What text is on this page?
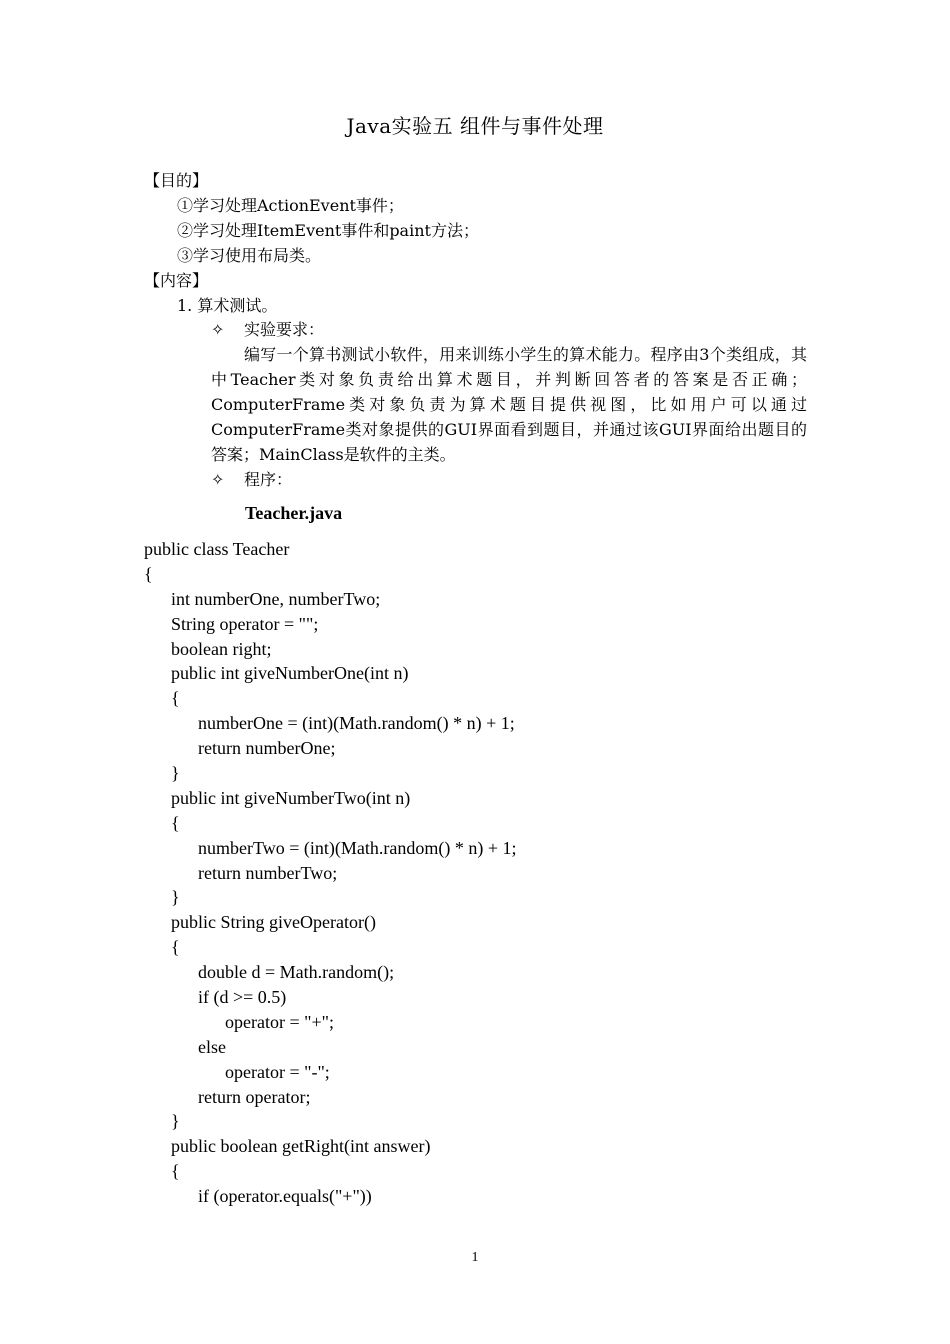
Java实验五 组件与事件处理
【目的】
①学习处理ActionEvent事件；
②学习处理ItemEvent事件和paint方法；
③学习使用布局类。
【内容】
1. 算术测试。
✧ 实验要求：
编写一个算书测试小软件，用来训练小学生的算术能力。程序由3个类组成，其中Teacher类对象负责给出算术题目，并判断回答者的答案是否正确；ComputerFrame类对象负责为算术题目提供视图，比如用户可以通过ComputerFrame类对象提供的GUI界面看到题目，并通过该GUI界面给出题目的答案；MainClass是软件的主类。
✧ 程序：
Teacher.java
public class Teacher
{
int numberOne, numberTwo;
String operator = "";
boolean right;
public int giveNumberOne(int n)
{
numberOne = (int)(Math.random() * n) + 1;
return numberOne;
}
public int giveNumberTwo(int n)
{
numberTwo = (int)(Math.random() * n) + 1;
return numberTwo;
}
public String giveOperator()
{
double d = Math.random();
if (d >= 0.5)
operator = "+";
else
operator = "-";
return operator;
}
public boolean getRight(int answer)
{
if (operator.equals("+"))
1
